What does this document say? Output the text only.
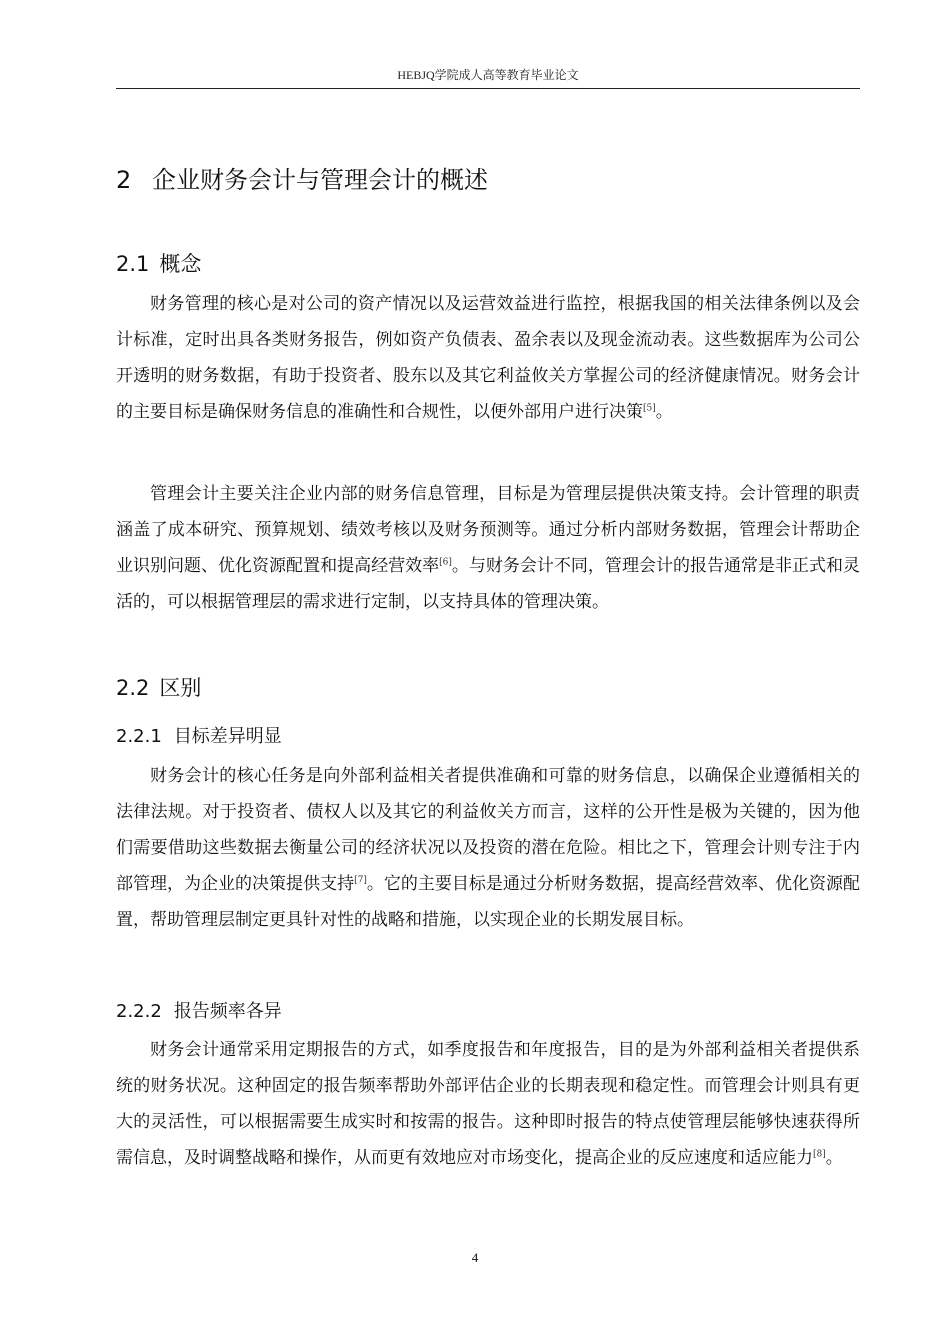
HEBJQ学院成人高等教育毕业论文
2 企业财务会计与管理会计的概述
2.1 概念

财务管理的核心是对公司的资产情况以及运营效益进行监控，根据我国的相关法律条例以及会计标准，定时出具各类财务报告，例如资产负债表、盈余表以及现金流动表。这些数据库为公司公开透明的财务数据，有助于投资者、股东以及其它利益攸关方掌握公司的经济健康情况。财务会计的主要目标是确保财务信息的准确性和合规性，以便外部用户进行决策[5]。

管理会计主要关注企业内部的财务信息管理，目标是为管理层提供决策支持。会计管理的职责涵盖了成本研究、预算规划、绩效考核以及财务预测等。通过分析内部财务数据，管理会计帮助企业识别问题、优化资源配置和提高经营效率[6]。与财务会计不同，管理会计的报告通常是非正式和灵活的，可以根据管理层的需求进行定制，以支持具体的管理决策。

2.2 区别
2.2.1 目标差异明显

财务会计的核心任务是向外部利益相关者提供准确和可靠的财务信息，以确保企业遵循相关的法律法规。对于投资者、债权人以及其它的利益攸关方而言，这样的公开性是极为关键的，因为他们需要借助这些数据去衡量公司的经济状况以及投资的潜在危险。相比之下，管理会计则专注于内部管理，为企业的决策提供支持[7]。它的主要目标是通过分析财务数据，提高经营效率、优化资源配置，帮助管理层制定更具针对性的战略和措施，以实现企业的长期发展目标。

2.2.2 报告频率各异

财务会计通常采用定期报告的方式，如季度报告和年度报告，目的是为外部利益相关者提供系统的财务状况。这种固定的报告频率帮助外部评估企业的长期表现和稳定性。而管理会计则具有更大的灵活性，可以根据需要生成实时和按需的报告。这种即时报告的特点使管理层能够快速获得所需信息，及时调整战略和操作，从而更有效地应对市场变化，提高企业的反应速度和适应能力[8]。

4
